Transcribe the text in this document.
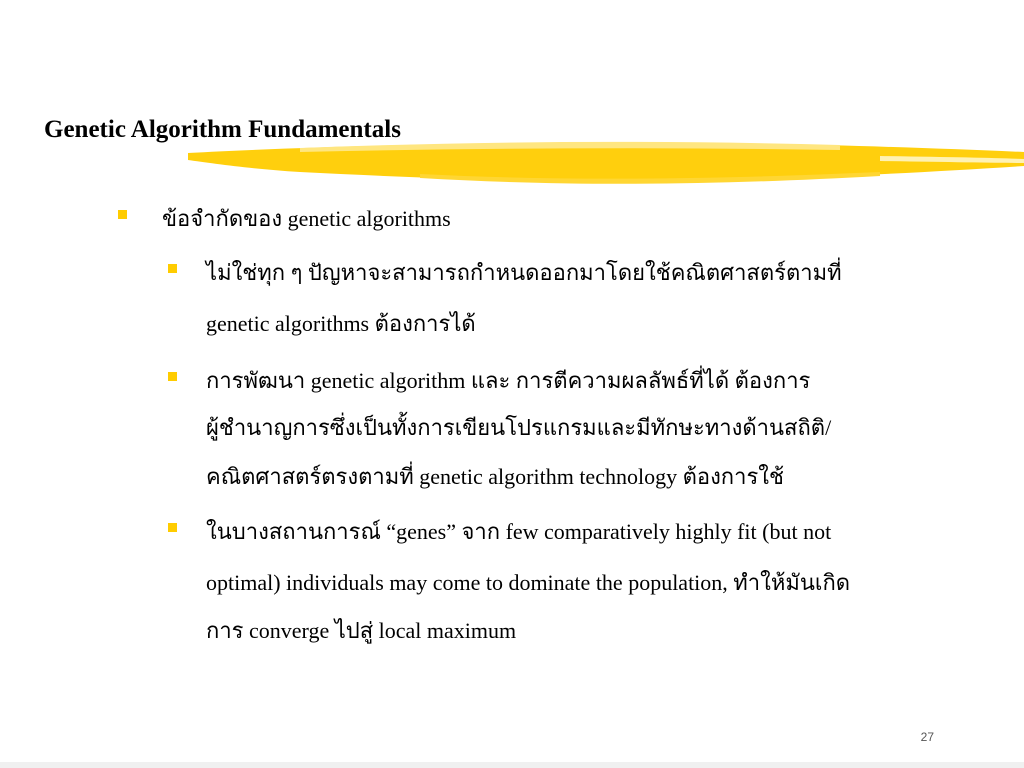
Genetic Algorithm Fundamentals
ข้อจำกัดของ genetic algorithms
ไม่ใช่ทุก ๆ ปัญหาจะสามารถกำหนดออกมาโดยใช้คณิตศาสตร์ตามที่
genetic algorithms ต้องการได้
การพัฒนา genetic algorithm และ การตีความผลลัพธ์ที่ได้ ต้องการ
ผู้ชำนาญการซึ่งเป็นทั้งการเขียนโปรแกรมและมีทักษะทางด้านสถิติ/
คณิตศาสตร์ตรงตามที่ genetic algorithm technology ต้องการใช้
ในบางสถานการณ์ “genes” จาก few comparatively highly fit (but not
optimal) individuals may come to dominate the population, ทำให้มันเกิด
การ converge ไปสู่ local maximum
27
